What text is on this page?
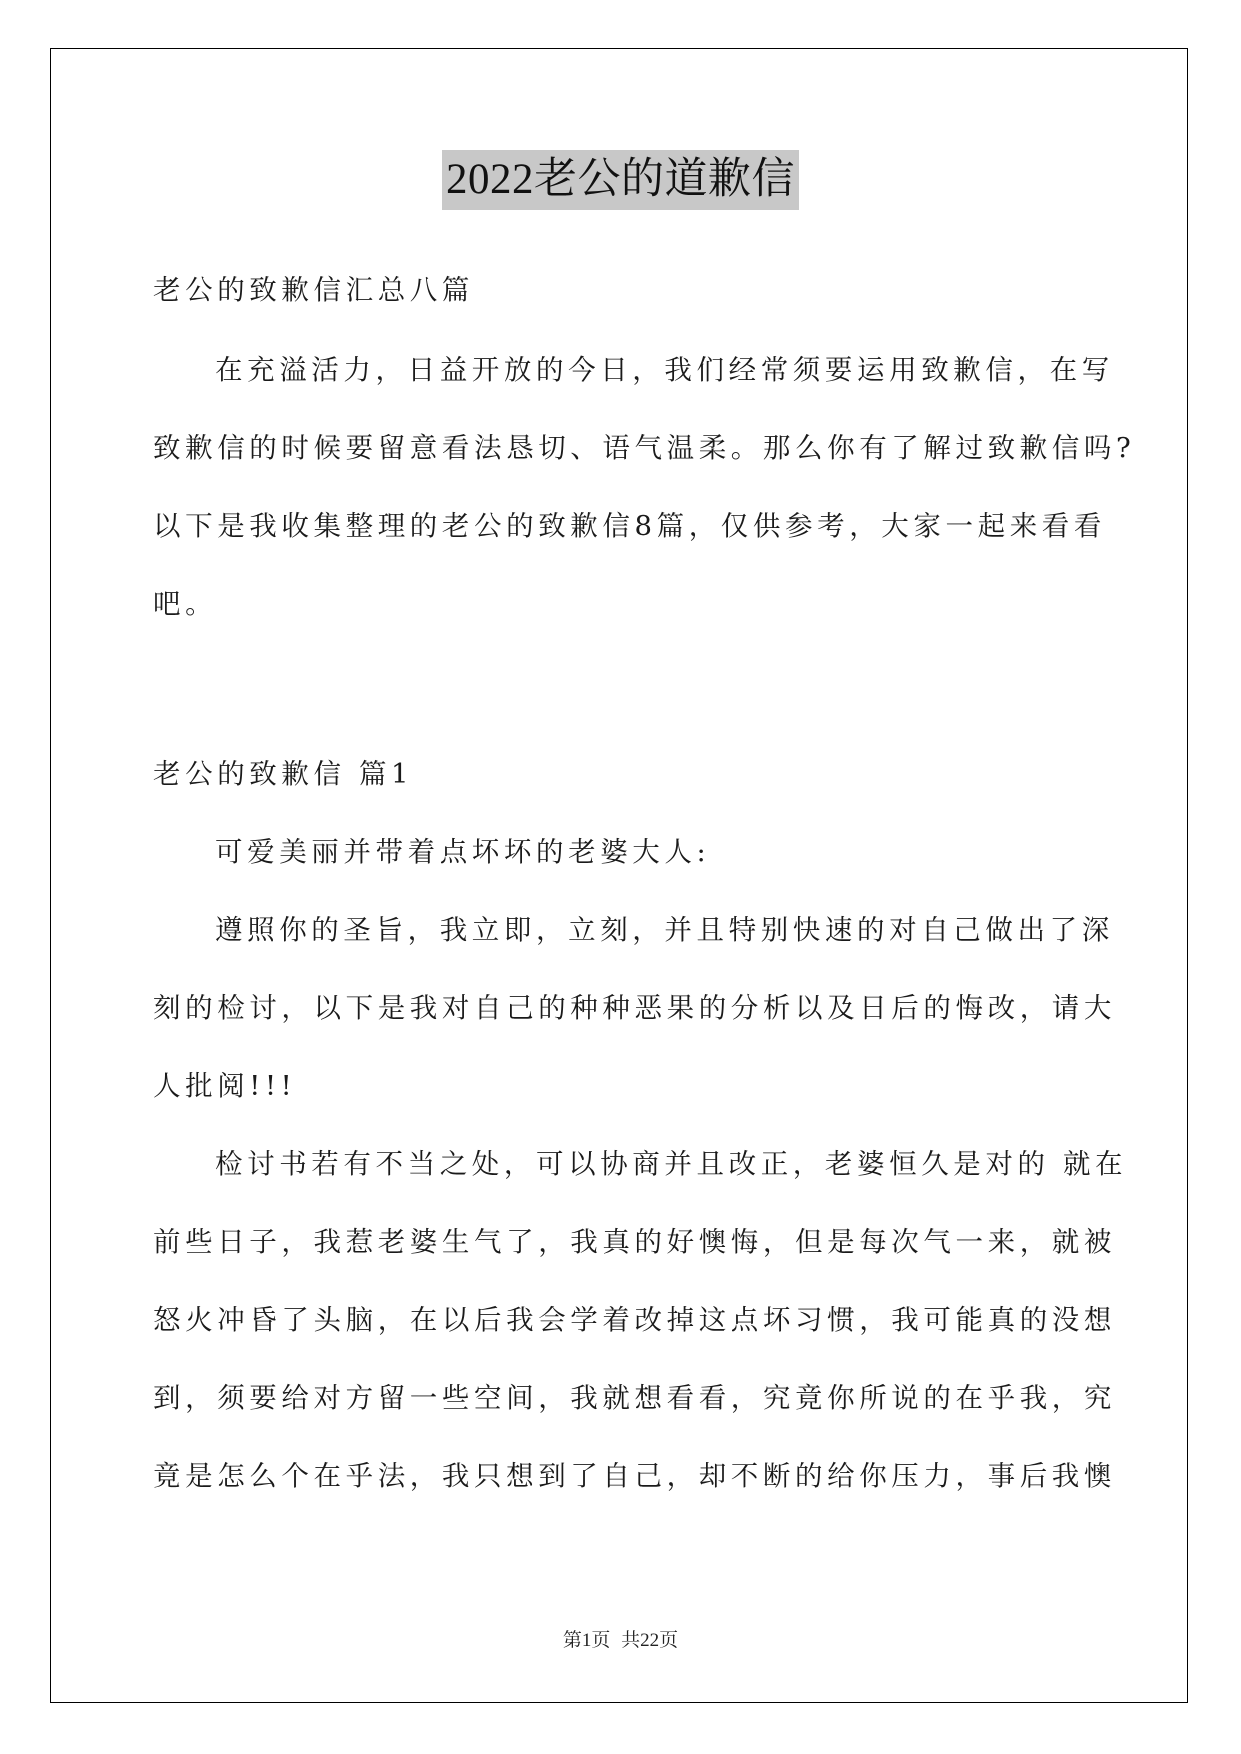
2022老公的道歉信
老公的致歉信汇总八篇
在充溢活力，日益开放的今日，我们经常须要运用致歉信，在写
致歉信的时候要留意看法恳切、语气温柔。那么你有了解过致歉信吗?
以下是我收集整理的老公的致歉信8篇，仅供参考，大家一起来看看
吧。
老公的致歉信 篇1
可爱美丽并带着点坏坏的老婆大人:
遵照你的圣旨，我立即，立刻，并且特别快速的对自己做出了深
刻的检讨，以下是我对自己的种种恶果的分析以及日后的悔改，请大
人批阅!!!
检讨书若有不当之处，可以协商并且改正，老婆恒久是对的 就在
前些日子，我惹老婆生气了，我真的好懊悔，但是每次气一来，就被
怒火冲昏了头脑，在以后我会学着改掉这点坏习惯，我可能真的没想
到，须要给对方留一些空间，我就想看看，究竟你所说的在乎我，究
竟是怎么个在乎法，我只想到了自己，却不断的给你压力，事后我懊
第1页 共22页
